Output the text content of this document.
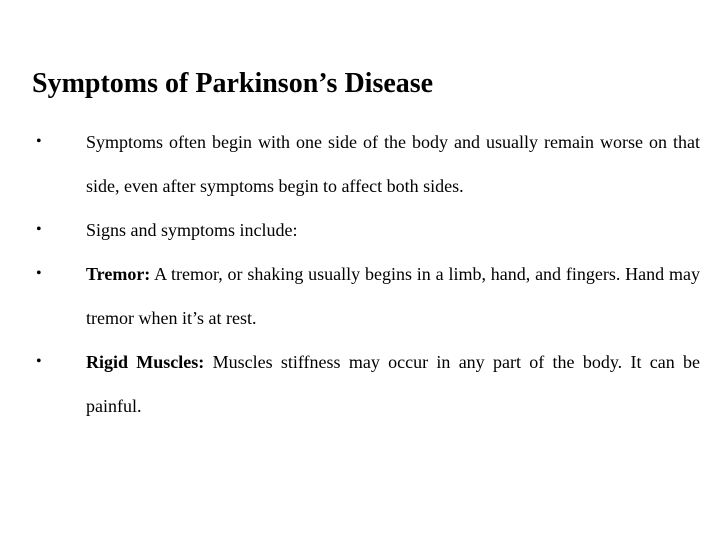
Symptoms of Parkinson’s Disease
•	Symptoms often begin with one side of the body and usually remain worse on that side, even after symptoms begin to affect both sides.
•	Signs and symptoms include:
•	Tremor: A tremor, or shaking usually begins in a limb, hand, and fingers. Hand may tremor when it’s at rest.
•	Rigid Muscles: Muscles stiffness may occur in any part of the body. It can be painful.
